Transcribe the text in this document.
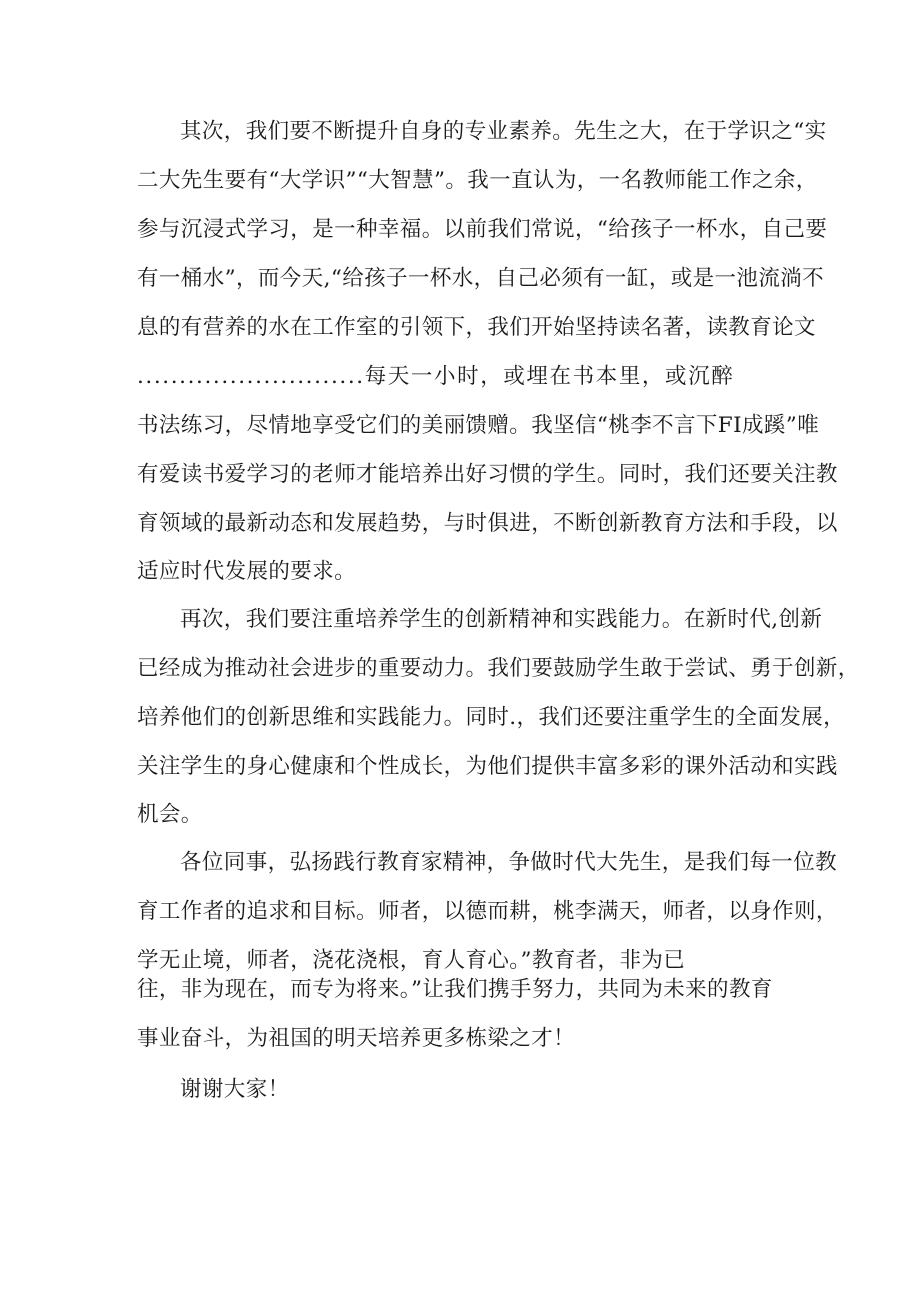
其次，我们要不断提升自身的专业素养。先生之大，在于学识之“实
二大先生要有“大学识”“大智慧”。我一直认为，一名教师能工作之余，
参与沉浸式学习，是一种幸福。以前我们常说，“给孩子一杯水，自己要
有一桶水”，而今天,“给孩子一杯水，自己必须有一缸，或是一池流淌不
息的有营养的水在工作室的引领下，我们开始坚持读名著，读教育论文
...........................每天一小时，或埋在书本里，或沉醉
书法练习，尽情地享受它们的美丽馈赠。我坚信“桃李不言下FI成蹊”唯
有爱读书爱学习的老师才能培养出好习惯的学生。同时，我们还要关注教
育领域的最新动态和发展趋势，与时俱进，不断创新教育方法和手段，以
适应时代发展的要求。
再次，我们要注重培养学生的创新精神和实践能力。在新时代,创新
已经成为推动社会进步的重要动力。我们要鼓励学生敢于尝试、勇于创新，
培养他们的创新思维和实践能力。同时.，我们还要注重学生的全面发展，
关注学生的身心健康和个性成长，为他们提供丰富多彩的课外活动和实践
机会。
各位同事，弘扬践行教育家精神，争做时代大先生，是我们每一位教
育工作者的追求和目标。师者，以德而耕，桃李满天，师者，以身作则，
学无止境，师者，浇花浇根，育人育心。”教育者，非为已
往，非为现在，而专为将来。”让我们携手努力，共同为未来的教育
事业奋斗，为祖国的明天培养更多栋梁之才！
谢谢大家！
